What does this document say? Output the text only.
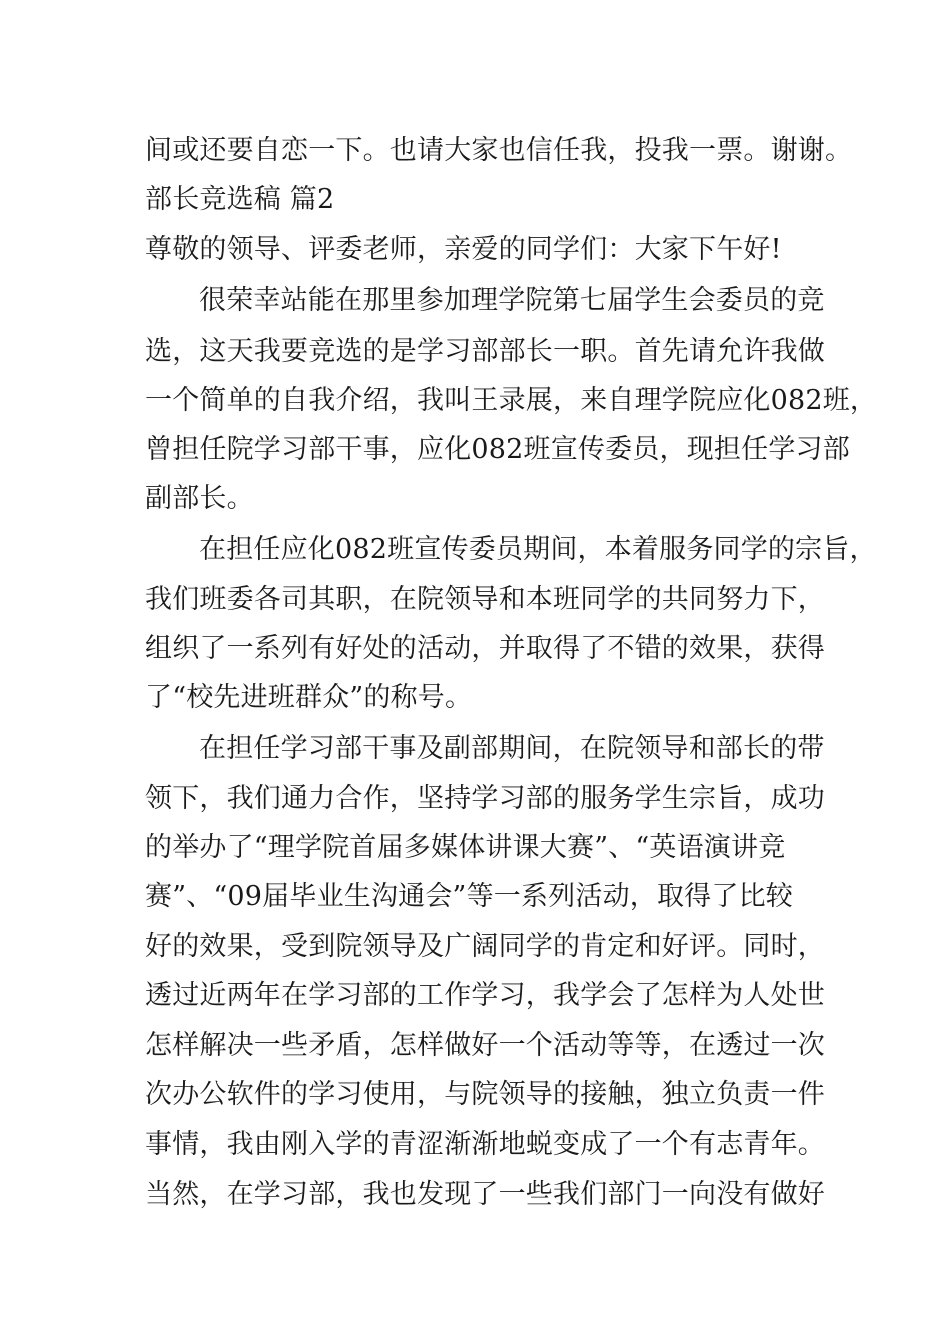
间或还要自恋一下。也请大家也信任我，投我一票。谢谢。
部长竞选稿 篇2
尊敬的领导、评委老师，亲爱的同学们：大家下午好!
很荣幸站能在那里参加理学院第七届学生会委员的竞
选，这天我要竞选的是学习部部长一职。首先请允许我做
一个简单的自我介绍，我叫王录展，来自理学院应化082班，
曾担任院学习部干事，应化082班宣传委员，现担任学习部
副部长。
在担任应化082班宣传委员期间，本着服务同学的宗旨，
我们班委各司其职，在院领导和本班同学的共同努力下，
组织了一系列有好处的活动，并取得了不错的效果，获得
了“校先进班群众”的称号。
在担任学习部干事及副部期间，在院领导和部长的带
领下，我们通力合作，坚持学习部的服务学生宗旨，成功
的举办了“理学院首届多媒体讲课大赛”、“英语演讲竞
赛”、“09届毕业生沟通会”等一系列活动，取得了比较
好的效果，受到院领导及广阔同学的肯定和好评。同时，
透过近两年在学习部的工作学习，我学会了怎样为人处世
怎样解决一些矛盾，怎样做好一个活动等等，在透过一次
次办公软件的学习使用，与院领导的接触，独立负责一件
事情，我由刚入学的青涩渐渐地蜕变成了一个有志青年。
当然，在学习部，我也发现了一些我们部门一向没有做好
